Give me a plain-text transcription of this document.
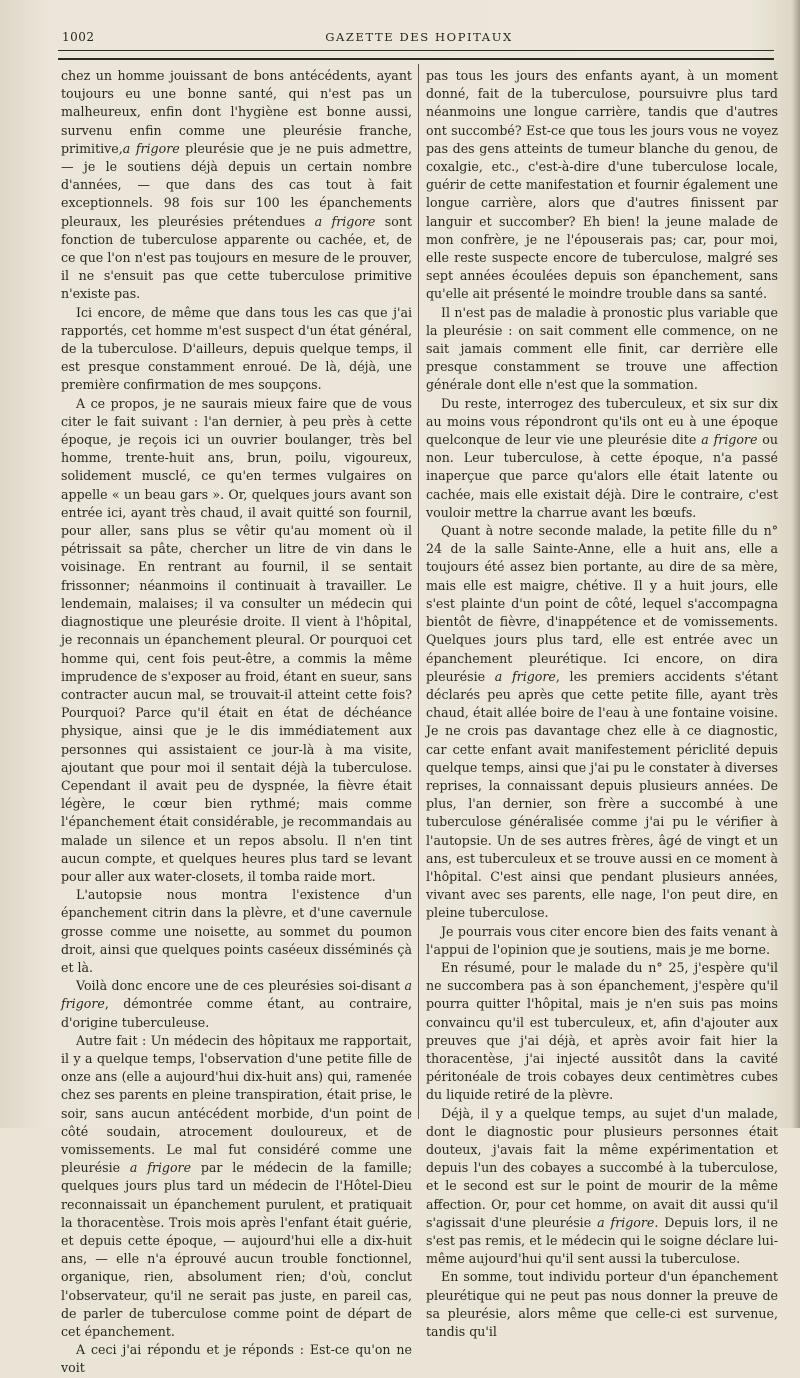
1002	GAZETTE DES HOPITAUX

chez un homme jouissant de bons antécédents, ayant toujours eu une bonne santé, qui n'est pas un malheureux, enfin dont l'hygiène est bonne aussi, survenu enfin comme une pleurésie franche, primitive,a frigore pleurésie que je ne puis admettre,— je le soutiens déjà depuis un certain nombre d'années, — que dans des cas tout à fait exceptionnels. 98 fois sur 100 les épanchements pleuraux, les pleurésies prétendues a frigore sont fonction de tuberculose apparente ou cachée, et, de ce que l'on n'est pas toujours en mesure de le prouver, il ne s'ensuit pas que cette tuberculose primitive n'existe pas.

Ici encore, de même que dans tous les cas que j'ai rapportés, cet homme m'est suspect d'un état général, de la tuberculose. D'ailleurs, depuis quelque temps, il est presque constamment enroué. De là, déjà, une première confirmation de mes soupçons.

A ce propos, je ne saurais mieux faire que de vous citer le fait suivant : l'an dernier, à peu près à cette époque, je reçois ici un ouvrier boulanger, très bel homme, trente-huit ans, brun, poilu, vigoureux, solidement musclé, ce qu'en termes vulgaires on appelle « un beau gars ». Or, quelques jours avant son entrée ici, ayant très chaud, il avait quitté son fournil, pour aller, sans plus se vêtir qu'au moment où il pétrissait sa pâte, chercher un litre de vin dans le voisinage. En rentrant au fournil, il se sentait frissonner; néanmoins il continuait à travailler. Le lendemain, malaises; il va consulter un médecin qui diagnostique une pleurésie droite. Il vient à l'hôpital, je reconnais un épanchement pleural. Or pourquoi cet homme qui, cent fois peut-être, a commis la même imprudence de s'exposer au froid, étant en sueur, sans contracter aucun mal, se trouvait-il atteint cette fois? Pourquoi? Parce qu'il était en état de déchéance physique, ainsi que je le dis immédiatement aux personnes qui assistaient ce jour-là à ma visite, ajoutant que pour moi il sentait déjà la tuberculose. Cependant il avait peu de dyspnée, la fièvre était légère, le cœur bien rythmé; mais comme l'épanchement était considérable, je recommandais au malade un silence et un repos absolu. Il n'en tint aucun compte, et quelques heures plus tard se levant pour aller aux water-closets, il tomba raide mort.

L'autopsie nous montra l'existence d'un épanchement citrin dans la plèvre, et d'une cavernule grosse comme une noisette, au sommet du poumon droit, ainsi que quelques points caséeux disséminés çà et là.

Voilà donc encore une de ces pleurésies soi-disant a frigore, démontrée comme étant, au contraire, d'origine tuberculeuse.

Autre fait : Un médecin des hôpitaux me rapportait, il y a quelque temps, l'observation d'une petite fille de onze ans (elle a aujourd'hui dix-huit ans) qui, ramenée chez ses parents en pleine transpiration, était prise, le soir, sans aucun antécédent morbide, d'un point de côté soudain, atrocement douloureux, et de vomissements. Le mal fut considéré comme une pleurésie a frigore par le médecin de la famille; quelques jours plus tard un médecin de l'Hôtel-Dieu reconnaissait un épanchement purulent, et pratiquait la thoracentèse. Trois mois après l'enfant était guérie, et depuis cette époque, — aujourd'hui elle a dix-huit ans, — elle n'a éprouvé aucun trouble fonctionnel, organique, rien, absolument rien; d'où, conclut l'observateur, qu'il ne serait pas juste, en pareil cas, de parler de tuberculose comme point de départ de cet épanchement.

A ceci j'ai répondu et je réponds : Est-ce qu'on ne voit

pas tous les jours des enfants ayant, à un moment donné, fait de la tuberculose, poursuivre plus tard néanmoins une longue carrière, tandis que d'autres ont succombé? Est-ce que tous les jours vous ne voyez pas des gens atteints de tumeur blanche du genou, de coxalgie, etc., c'est-à-dire d'une tuberculose locale, guérir de cette manifestation et fournir également une longue carrière, alors que d'autres finissent par languir et succomber? Eh bien! la jeune malade de mon confrère, je ne l'épouserais pas; car, pour moi, elle reste suspecte encore de tuberculose, malgré ses sept années écoulées depuis son épanchement, sans qu'elle ait présenté le moindre trouble dans sa santé.

Il n'est pas de maladie à pronostic plus variable que la pleurésie : on sait comment elle commence, on ne sait jamais comment elle finit, car derrière elle presque constamment se trouve une affection générale dont elle n'est que la sommation.

Du reste, interrogez des tuberculeux, et six sur dix au moins vous répondront qu'ils ont eu à une époque quelconque de leur vie une pleurésie dite a frigore ou non. Leur tuberculose, à cette époque, n'a passé inaperçue que parce qu'alors elle était latente ou cachée, mais elle existait déjà. Dire le contraire, c'est vouloir mettre la charrue avant les bœufs.

Quant à notre seconde malade, la petite fille du n° 24 de la salle Sainte-Anne, elle a huit ans, elle a toujours été assez bien portante, au dire de sa mère, mais elle est maigre, chétive. Il y a huit jours, elle s'est plainte d'un point de côté, lequel s'accompagna bientôt de fièvre, d'inappétence et de vomissements. Quelques jours plus tard, elle est entrée avec un épanchement pleurétique. Ici encore, on dira pleurésie a frigore, les premiers accidents s'étant déclarés peu après que cette petite fille, ayant très chaud, était allée boire de l'eau à une fontaine voisine. Je ne crois pas davantage chez elle à ce diagnostic, car cette enfant avait manifestement périclité depuis quelque temps, ainsi que j'ai pu le constater à diverses reprises, la connaissant depuis plusieurs années. De plus, l'an dernier, son frère a succombé à une tuberculose généralisée comme j'ai pu le vérifier à l'autopsie. Un de ses autres frères, âgé de vingt et un ans, est tuberculeux et se trouve aussi en ce moment à l'hôpital. C'est ainsi que pendant plusieurs années, vivant avec ses parents, elle nage, l'on peut dire, en pleine tuberculose.

Je pourrais vous citer encore bien des faits venant à l'appui de l'opinion que je soutiens, mais je me borne.

En résumé, pour le malade du n° 25, j'espère qu'il ne succombera pas à son épanchement, j'espère qu'il pourra quitter l'hôpital, mais je n'en suis pas moins convaincu qu'il est tuberculeux, et, afin d'ajouter aux preuves que j'ai déjà, et après avoir fait hier la thoracentèse, j'ai injecté aussitôt dans la cavité péritonéale de trois cobayes deux centimètres cubes du liquide retiré de la plèvre.

Déjà, il y a quelque temps, au sujet d'un malade, dont le diagnostic pour plusieurs personnes était douteux, j'avais fait la même expérimentation et depuis l'un des cobayes a succombé à la tuberculose, et le second est sur le point de mourir de la même affection. Or, pour cet homme, on avait dit aussi qu'il s'agissait d'une pleurésie a frigore. Depuis lors, il ne s'est pas remis, et le médecin qui le soigne déclare lui-même aujourd'hui qu'il sent aussi la tuberculose.

En somme, tout individu porteur d'un épanchement pleurétique qui ne peut pas nous donner la preuve de sa pleurésie, alors même que celle-ci est survenue, tandis qu'il
